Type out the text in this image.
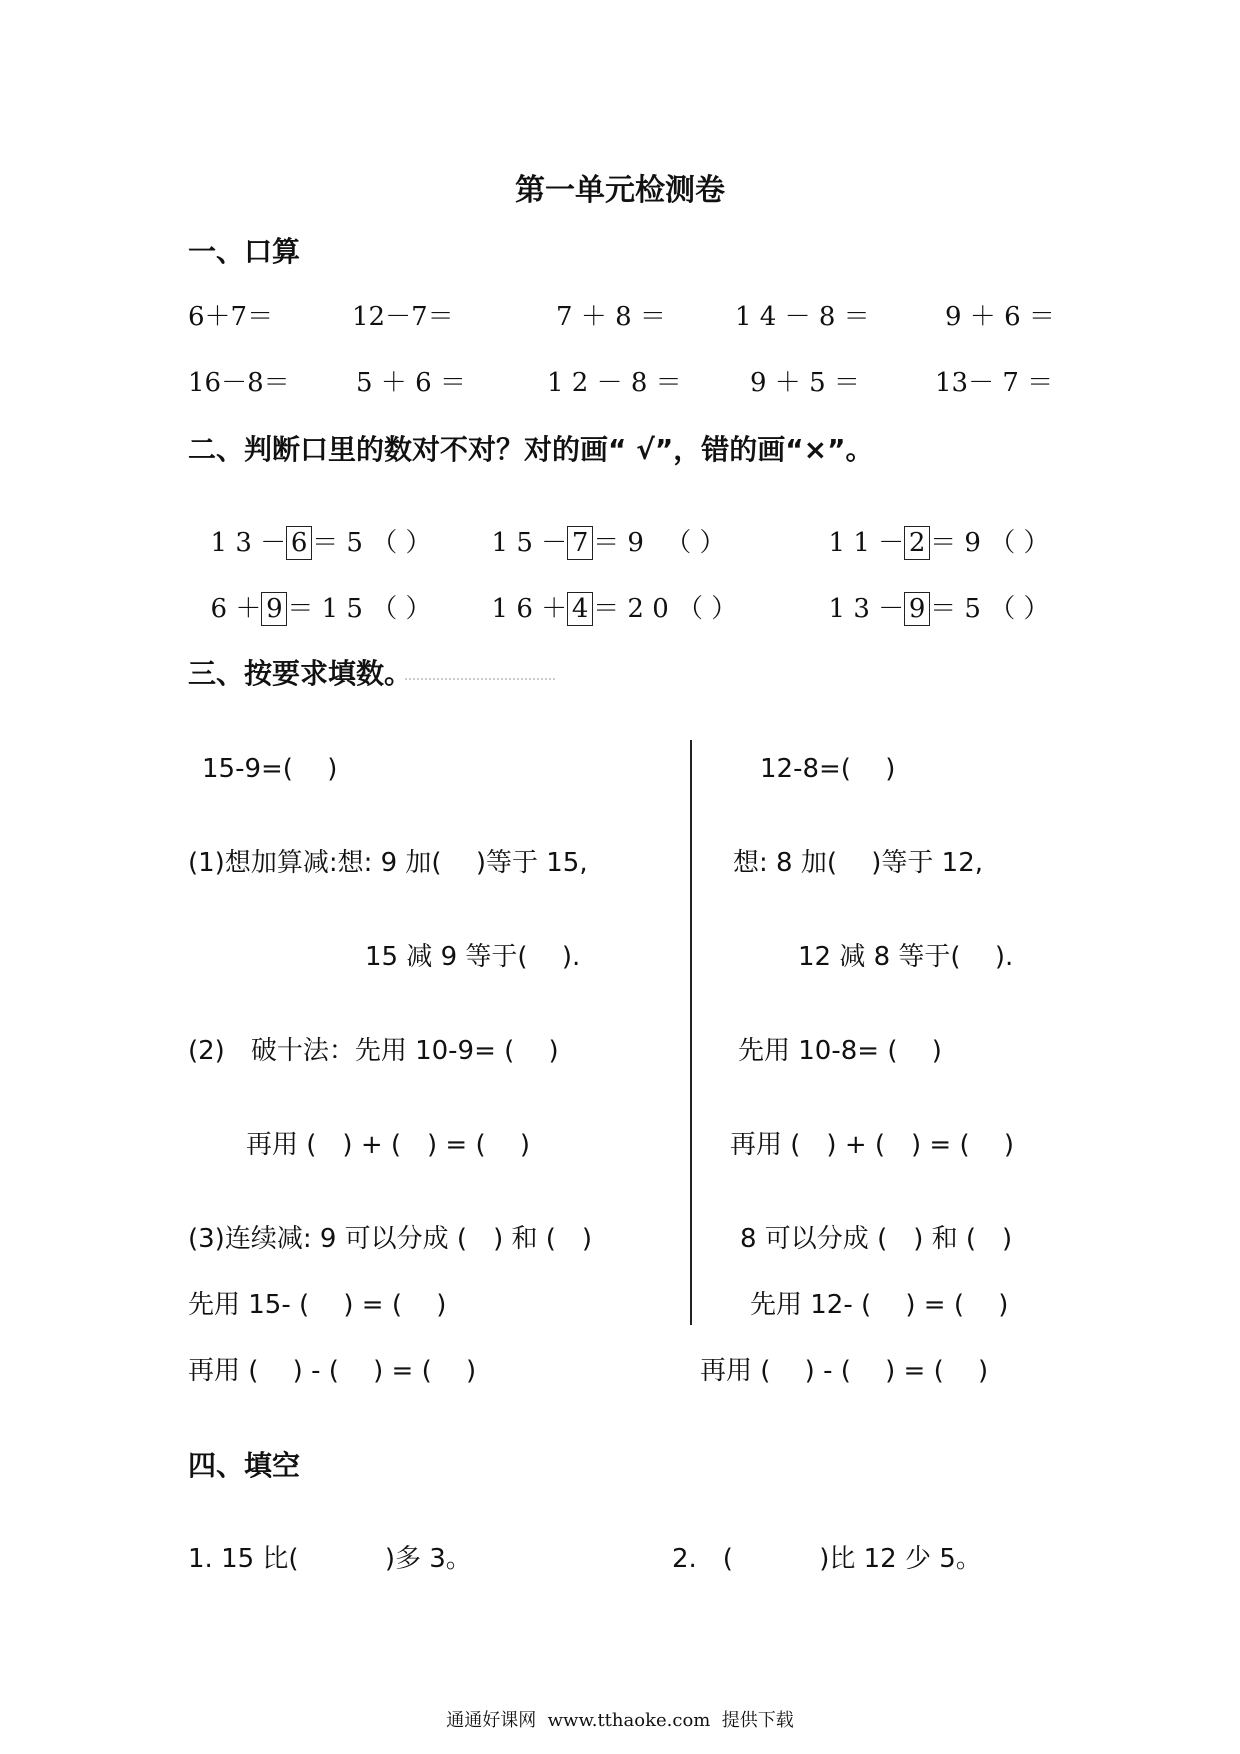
第一单元检测卷
一、口算
6＋7＝	12－7＝	7 ＋ 8 ＝	1 4 － 8 ＝	9 ＋ 6 ＝
16－8＝	5 ＋ 6 ＝	1 2 － 8 ＝	9 ＋ 5 ＝	13－ 7 ＝
二、判断口里的数对不对？对的画“ √”，错的画“×”。

1 3 － 6 ＝ 5 （ ）	1 5 － 7 ＝ 9 　（ ）	1 1 － 2 ＝ 9 （ ）

6 ＋ 9 ＝ 1 5 （ ）	1 6 ＋ 4 ＝ 2 0 （ ）	1 3 － 9 ＝ 5 （ ）

三、按要求填数。
15-9=(　 )
(1)想加算减:想: 9 加(　 )等于 15,
15 减 9 等于(　 ).
(2)　破十法：先用 10-9= (　 )
再用 (　) + (　) = (　 )
(3)连续减: 9 可以分成 (　) 和 (　)
先用 15- (　 ) = (　 )
再用 (　 ) - (　 ) = (　 )
12-8=(　 )
想: 8 加(　 )等于 12,
12 减 8 等于(　 ).
先用 10-8= (　 )
再用 (　) + (　) = (　 )
8 可以分成 (　) 和 (　)
先用 12- (　 ) = (　 )
再用 (　 ) - (　 ) = (　 )
四、填空
1. 15 比(　　　 )多 3。	2.　(　　　 )比 12 少 5。
通通好课网  www.tthaoke.com  提供下载
